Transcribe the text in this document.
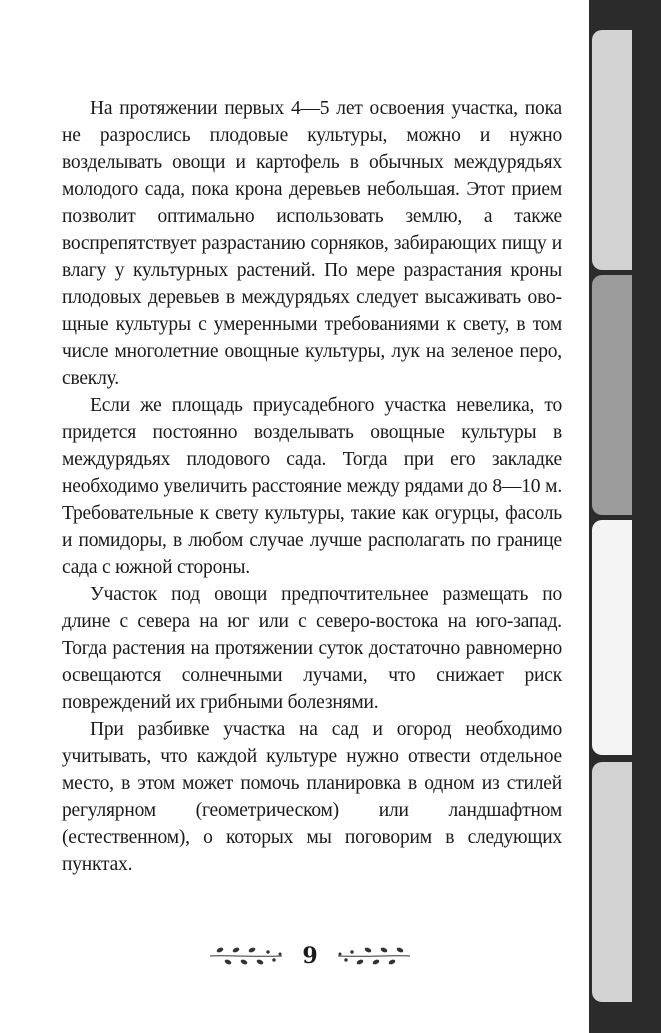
На протяжении первых 4—5 лет освоения участка, пока не разрослись плодовые культуры, можно и нужно возделывать овощи и картофель в обычных междурядьях молодого сада, пока крона деревьев небольшая. Этот прием позволит оптимально использовать землю, а также воспрепятствует разрастанию сорняков, забирающих пищу и влагу у культурных растений. По мере разрастания кроны плодовых деревьев в междурядьях следует высаживать овощные культуры с умеренными требованиями к свету, в том числе многолетние овощные культуры, лук на зеленое перо, свеклу.

Если же площадь приусадебного участка невелика, то придется постоянно возделывать овощные культуры в междурядьях плодового сада. Тогда при его закладке необходимо увеличить расстояние между рядами до 8—10 м. Требовательные к свету культуры, такие как огурцы, фасоль и помидоры, в любом случае лучше располагать по границе сада с южной стороны.

Участок под овощи предпочтительнее размещать по длине с севера на юг или с северо-востока на юго-запад. Тогда растения на протяжении суток достаточно равномерно освещаются солнечными лучами, что снижает риск повреждений их грибными болезнями.

При разбивке участка на сад и огород необходимо учитывать, что каждой культуре нужно отвести отдельное место, в этом может помочь планировка в одном из стилей регулярном (геометрическом) или ландшафтном (естественном), о которых мы поговорим в следующих пунктах.

9
